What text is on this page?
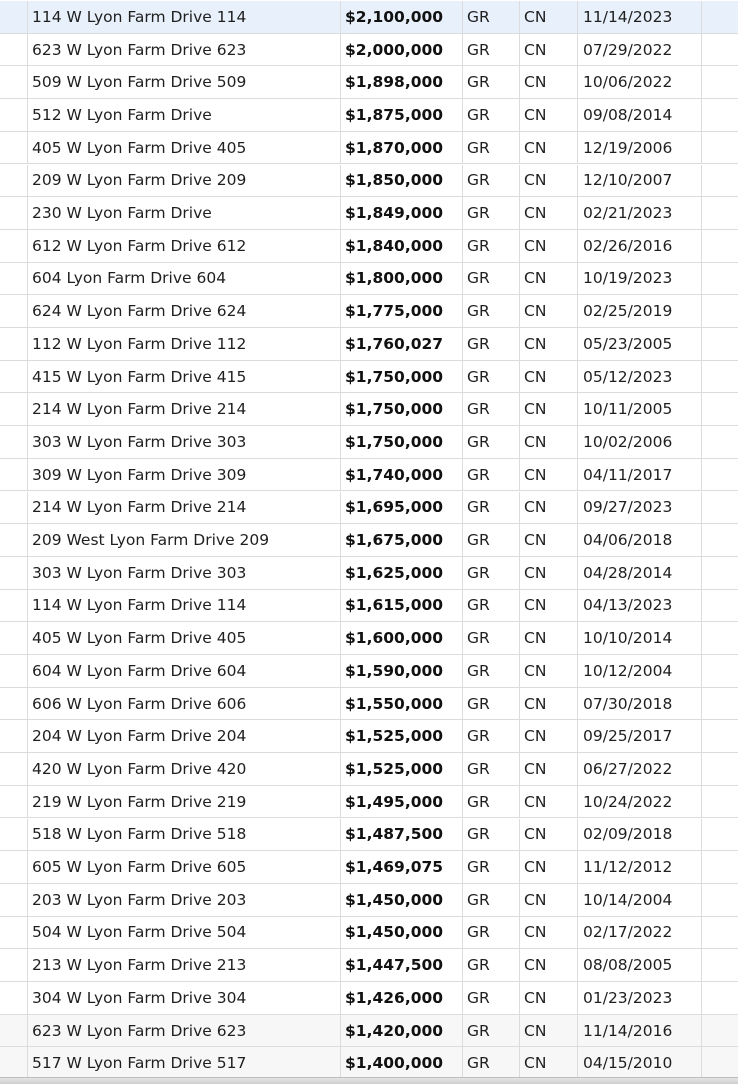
114 W Lyon Farm Drive 114	$2,100,000	GR	CN	11/14/2023
623 W Lyon Farm Drive 623	$2,000,000	GR	CN	07/29/2022
509 W Lyon Farm Drive 509	$1,898,000	GR	CN	10/06/2022
512 W Lyon Farm Drive	$1,875,000	GR	CN	09/08/2014
405 W Lyon Farm Drive 405	$1,870,000	GR	CN	12/19/2006
209 W Lyon Farm Drive 209	$1,850,000	GR	CN	12/10/2007
230 W Lyon Farm Drive	$1,849,000	GR	CN	02/21/2023
612 W Lyon Farm Drive 612	$1,840,000	GR	CN	02/26/2016
604 Lyon Farm Drive 604	$1,800,000	GR	CN	10/19/2023
624 W Lyon Farm Drive 624	$1,775,000	GR	CN	02/25/2019
112 W Lyon Farm Drive 112	$1,760,027	GR	CN	05/23/2005
415 W Lyon Farm Drive 415	$1,750,000	GR	CN	05/12/2023
214 W Lyon Farm Drive 214	$1,750,000	GR	CN	10/11/2005
303 W Lyon Farm Drive 303	$1,750,000	GR	CN	10/02/2006
309 W Lyon Farm Drive 309	$1,740,000	GR	CN	04/11/2017
214 W Lyon Farm Drive 214	$1,695,000	GR	CN	09/27/2023
209 West Lyon Farm Drive 209	$1,675,000	GR	CN	04/06/2018
303 W Lyon Farm Drive 303	$1,625,000	GR	CN	04/28/2014
114 W Lyon Farm Drive 114	$1,615,000	GR	CN	04/13/2023
405 W Lyon Farm Drive 405	$1,600,000	GR	CN	10/10/2014
604 W Lyon Farm Drive 604	$1,590,000	GR	CN	10/12/2004
606 W Lyon Farm Drive 606	$1,550,000	GR	CN	07/30/2018
204 W Lyon Farm Drive 204	$1,525,000	GR	CN	09/25/2017
420 W Lyon Farm Drive 420	$1,525,000	GR	CN	06/27/2022
219 W Lyon Farm Drive 219	$1,495,000	GR	CN	10/24/2022
518 W Lyon Farm Drive 518	$1,487,500	GR	CN	02/09/2018
605 W Lyon Farm Drive 605	$1,469,075	GR	CN	11/12/2012
203 W Lyon Farm Drive 203	$1,450,000	GR	CN	10/14/2004
504 W Lyon Farm Drive 504	$1,450,000	GR	CN	02/17/2022
213 W Lyon Farm Drive 213	$1,447,500	GR	CN	08/08/2005
304 W Lyon Farm Drive 304	$1,426,000	GR	CN	01/23/2023
623 W Lyon Farm Drive 623	$1,420,000	GR	CN	11/14/2016
517 W Lyon Farm Drive 517	$1,400,000	GR	CN	04/15/2010
